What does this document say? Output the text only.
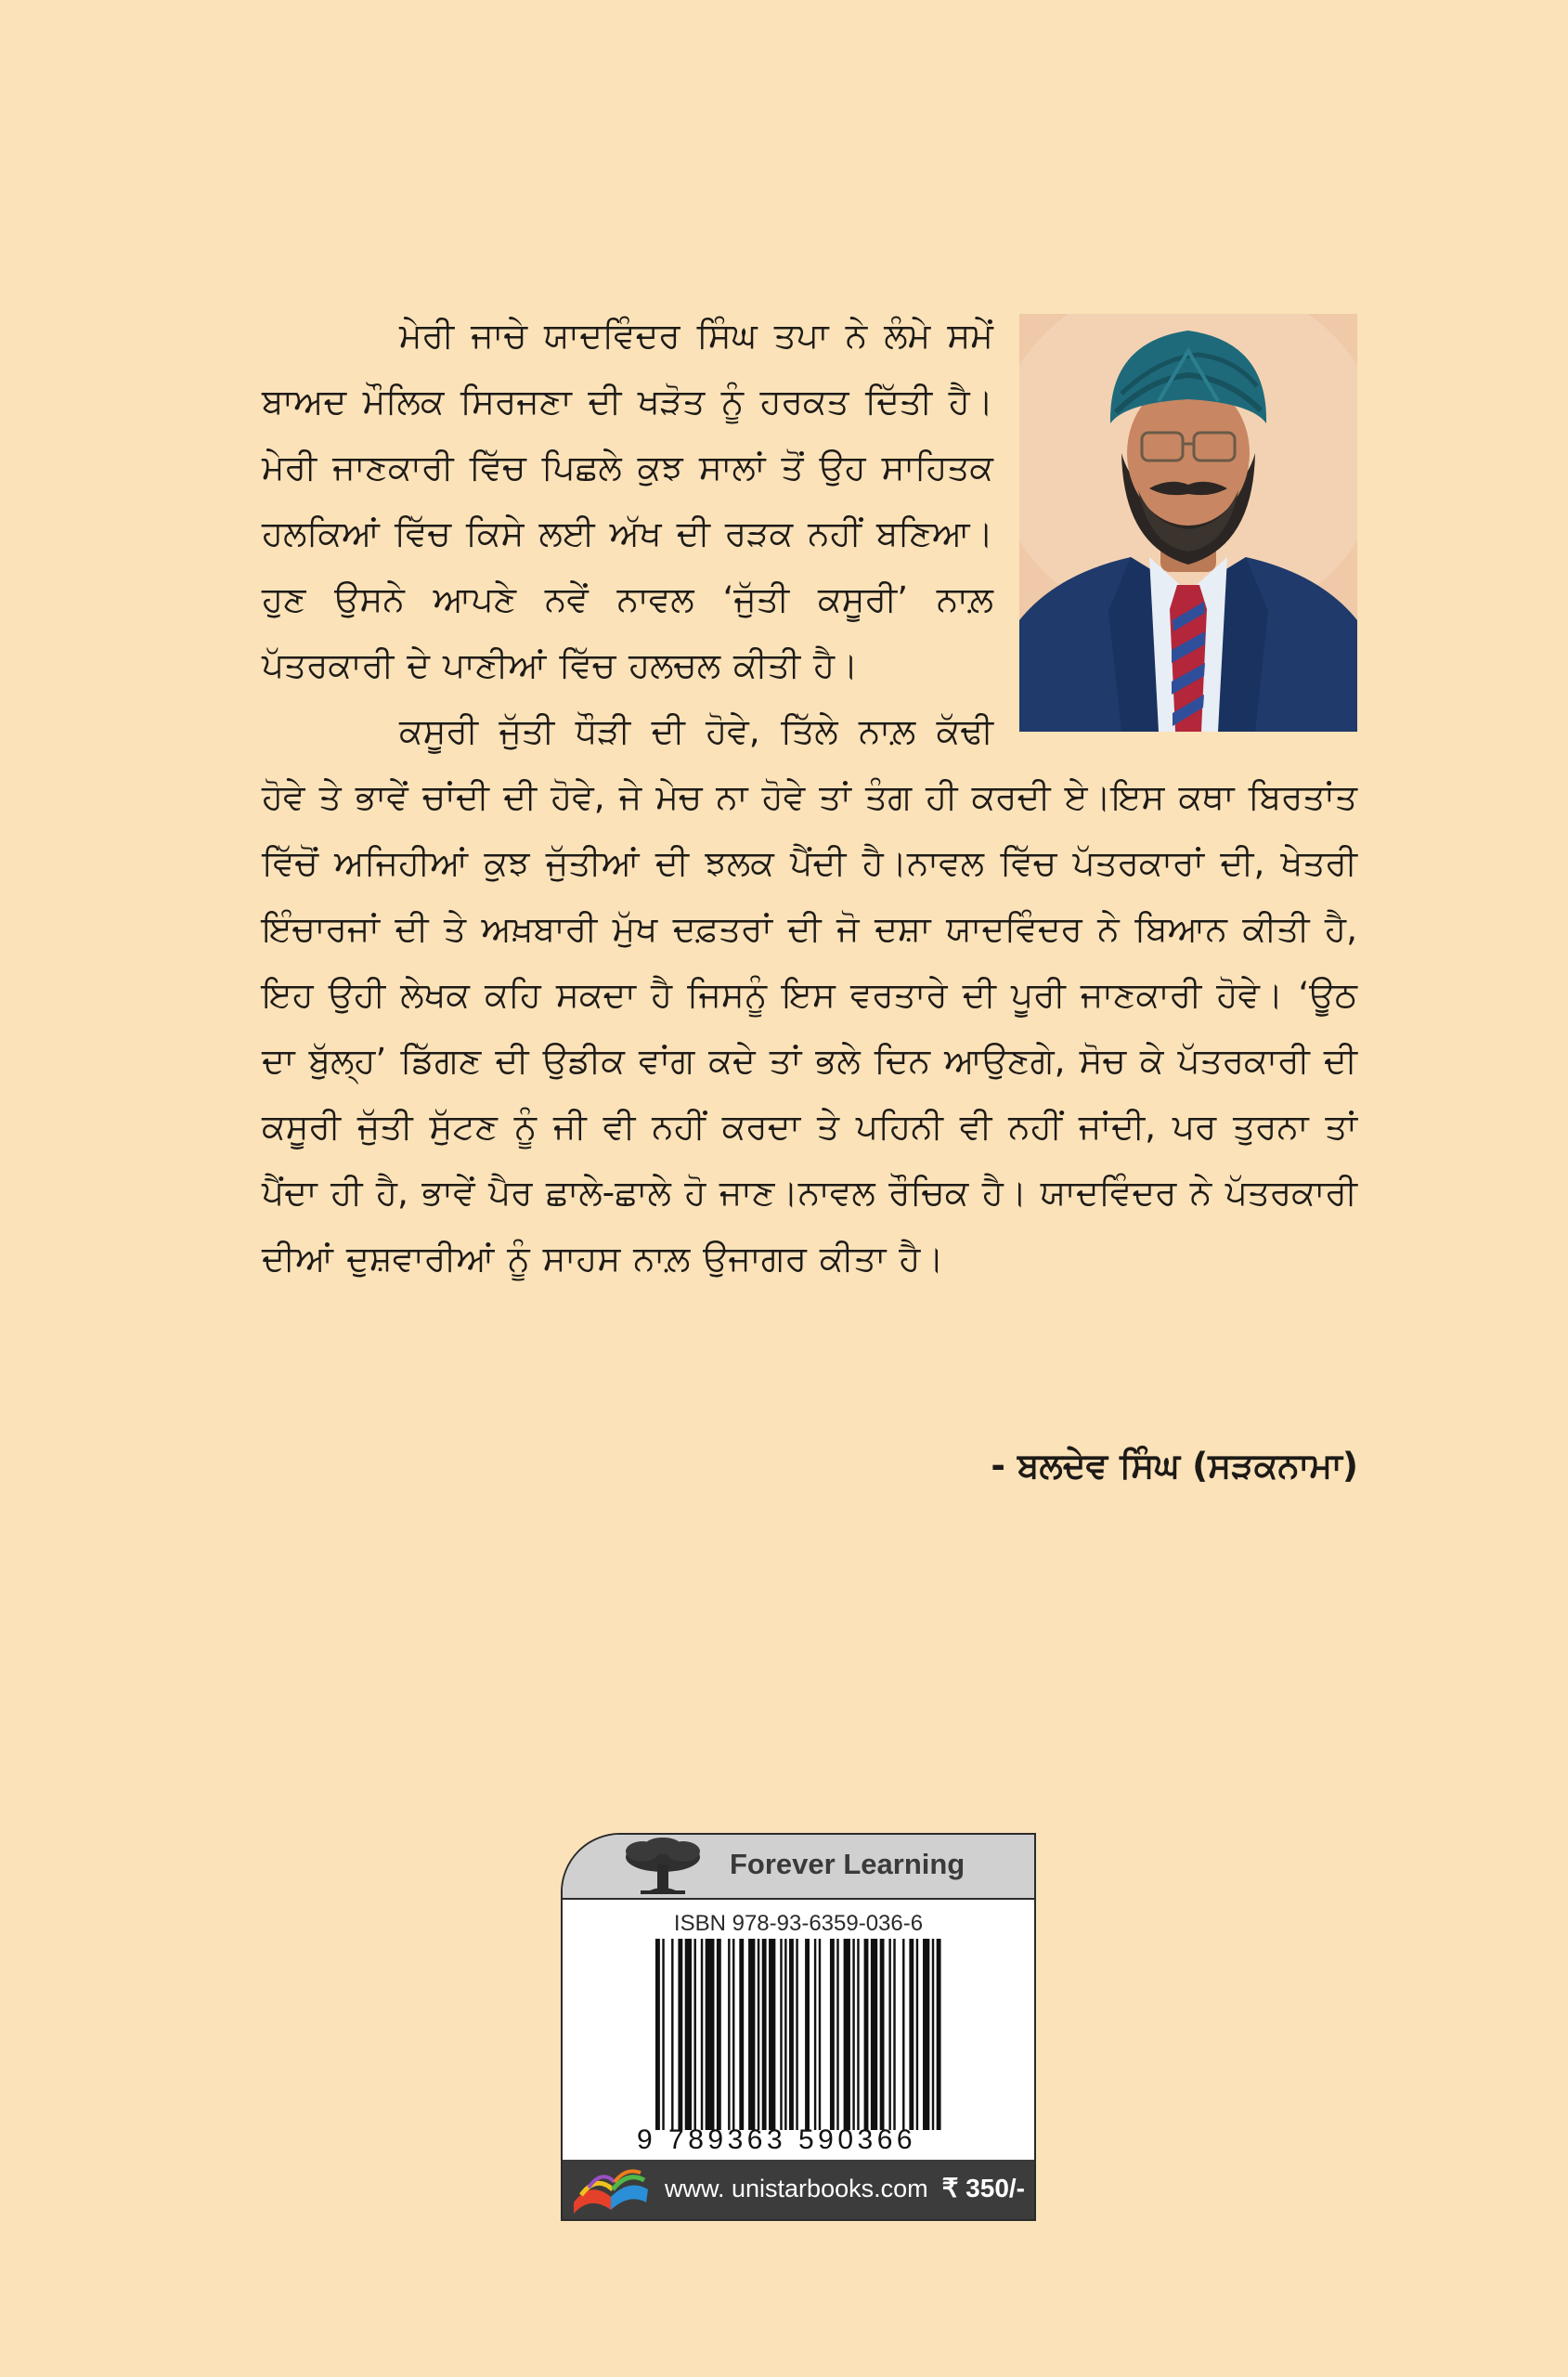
ਮੇਰੀ ਜਾਚੇ ਯਾਦਵਿੰਦਰ ਸਿੰਘ ਤਪਾ ਨੇ ਲੰਮੇ ਸਮੇਂ ਬਾਅਦ ਮੌਲਿਕ ਸਿਰਜਣਾ ਦੀ ਖੜੋਤ ਨੂੰ ਹਰਕਤ ਦਿੱਤੀ ਹੈ।ਮੇਰੀ ਜਾਣਕਾਰੀ ਵਿੱਚ ਪਿਛਲੇ ਕੁਝ ਸਾਲਾਂ ਤੋਂ ਉਹ ਸਾਹਿਤਕ ਹਲਕਿਆਂ ਵਿੱਚ ਕਿਸੇ ਲਈ ਅੱਖ ਦੀ ਰੜਕ ਨਹੀਂ ਬਣਿਆ।ਹੁਣ ਉਸਨੇ ਆਪਣੇ ਨਵੇਂ ਨਾਵਲ ‘ਜੁੱਤੀ ਕਸੂਰੀ’ ਨਾਲ਼ ਪੱਤਰਕਾਰੀ ਦੇ ਪਾਣੀਆਂ ਵਿੱਚ ਹਲਚਲ ਕੀਤੀ ਹੈ।

ਕਸੂਰੀ ਜੁੱਤੀ ਧੌੜੀ ਦੀ ਹੋਵੇ, ਤਿੱਲੇ ਨਾਲ਼ ਕੱਢੀ ਹੋਵੇ ਤੇ ਭਾਵੇਂ ਚਾਂਦੀ ਦੀ ਹੋਵੇ, ਜੇ ਮੇਚ ਨਾ ਹੋਵੇ ਤਾਂ ਤੰਗ ਹੀ ਕਰਦੀ ਏ।ਇਸ ਕਥਾ ਬਿਰਤਾਂਤ ਵਿੱਚੋਂ ਅਜਿਹੀਆਂ ਕੁਝ ਜੁੱਤੀਆਂ ਦੀ ਝਲਕ ਪੈਂਦੀ ਹੈ।ਨਾਵਲ ਵਿੱਚ ਪੱਤਰਕਾਰਾਂ ਦੀ, ਖੇਤਰੀ ਇੰਚਾਰਜਾਂ ਦੀ ਤੇ ਅਖ਼ਬਾਰੀ ਮੁੱਖ ਦਫ਼ਤਰਾਂ ਦੀ ਜੋ ਦਸ਼ਾ ਯਾਦਵਿੰਦਰ ਨੇ ਬਿਆਨ ਕੀਤੀ ਹੈ, ਇਹ ਉਹੀ ਲੇਖਕ ਕਹਿ ਸਕਦਾ ਹੈ ਜਿਸਨੂੰ ਇਸ ਵਰਤਾਰੇ ਦੀ ਪੂਰੀ ਜਾਣਕਾਰੀ ਹੋਵੇ। ‘ਊਠ ਦਾ ਬੁੱਲ੍ਹ’ ਡਿੱਗਣ ਦੀ ਉਡੀਕ ਵਾਂਗ ਕਦੇ ਤਾਂ ਭਲੇ ਦਿਨ ਆਉਣਗੇ, ਸੋਚ ਕੇ ਪੱਤਰਕਾਰੀ ਦੀ ਕਸੂਰੀ ਜੁੱਤੀ ਸੁੱਟਣ ਨੂੰ ਜੀ ਵੀ ਨਹੀਂ ਕਰਦਾ ਤੇ ਪਹਿਨੀ ਵੀ ਨਹੀਂ ਜਾਂਦੀ, ਪਰ ਤੁਰਨਾ ਤਾਂ ਪੈਂਦਾ ਹੀ ਹੈ, ਭਾਵੇਂ ਪੈਰ ਛਾਲੇ-ਛਾਲੇ ਹੋ ਜਾਣ।ਨਾਵਲ ਰੌਚਿਕ ਹੈ। ਯਾਦਵਿੰਦਰ ਨੇ ਪੱਤਰਕਾਰੀ ਦੀਆਂ ਦੁਸ਼ਵਾਰੀਆਂ ਨੂੰ ਸਾਹਸ ਨਾਲ਼ ਉਜਾਗਰ ਕੀਤਾ ਹੈ।

- ਬਲਦੇਵ ਸਿੰਘ (ਸੜਕਨਾਮਾ)
Forever Learning
ISBN 978-93-6359-036-6
9 789363 590366
www. unistarbooks.com ₹ 350/-
